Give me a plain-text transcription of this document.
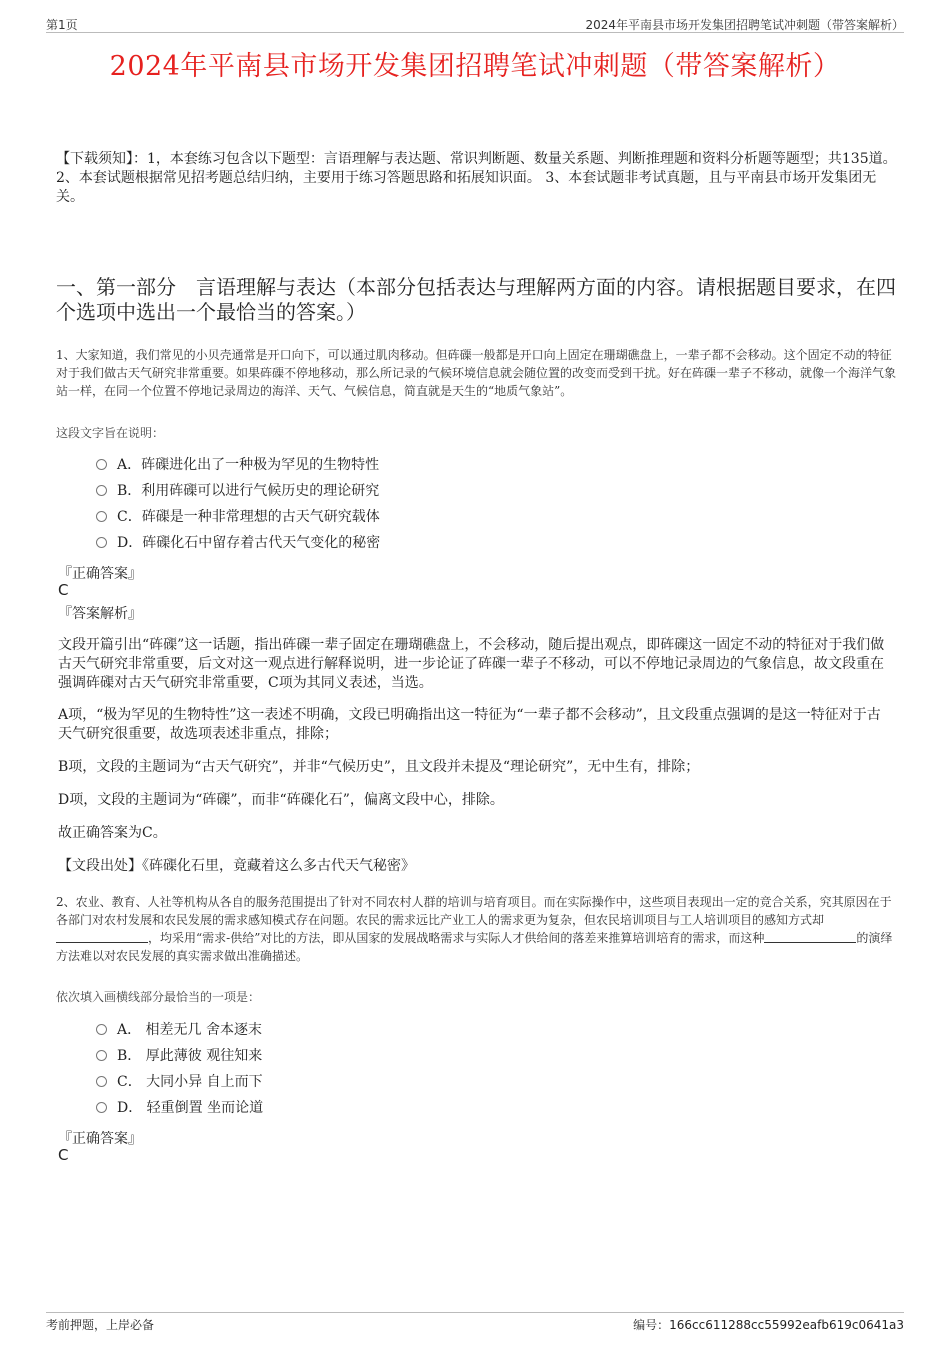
第1页	2024年平南县市场开发集团招聘笔试冲刺题（带答案解析）
2024年平南县市场开发集团招聘笔试冲刺题（带答案解析）

【下载须知】：1，本套练习包含以下题型：言语理解与表达题、常识判断题、数量关系题、判断推理题和资料分析题等题型；共135道。 2、本套试题根据常见招考题总结归纳，主要用于练习答题思路和拓展知识面。 3、本套试题非考试真题，且与平南县市场开发集团无关。

一、第一部分　言语理解与表达（本部分包括表达与理解两方面的内容。请根据题目要求，在四个选项中选出一个最恰当的答案。）

1、大家知道，我们常见的小贝壳通常是开口向下，可以通过肌肉移动。但砗磲一般都是开口向上固定在珊瑚礁盘上，一辈子都不会移动。这个固定不动的特征对于我们做古天气研究非常重要。如果砗磲不停地移动，那么所记录的气候环境信息就会随位置的改变而受到干扰。好在砗磲一辈子不移动，就像一个海洋气象站一样，在同一个位置不停地记录周边的海洋、天气、气候信息，简直就是天生的“地质气象站”。

这段文字旨在说明：

A．砗磲进化出了一种极为罕见的生物特性
B．利用砗磲可以进行气候历史的理论研究
C．砗磲是一种非常理想的古天气研究载体
D．砗磲化石中留存着古代天气变化的秘密

『正确答案』

C

『答案解析』

文段开篇引出“砗磲”这一话题，指出砗磲一辈子固定在珊瑚礁盘上，不会移动，随后提出观点，即砗磲这一固定不动的特征对于我们做古天气研究非常重要，后文对这一观点进行解释说明，进一步论证了砗磲一辈子不移动，可以不停地记录周边的气象信息，故文段重在强调砗磲对古天气研究非常重要，C项为其同义表述，当选。

A项，“极为罕见的生物特性”这一表述不明确，文段已明确指出这一特征为“一辈子都不会移动”，且文段重点强调的是这一特征对于古天气研究很重要，故选项表述非重点，排除；

B项，文段的主题词为“古天气研究”，并非“气候历史”，且文段并未提及“理论研究”，无中生有，排除；

D项，文段的主题词为“砗磲”，而非“砗磲化石”，偏离文段中心，排除。

故正确答案为C。

【文段出处】《砗磲化石里，竟藏着这么多古代天气秘密》

2、农业、教育、人社等机构从各自的服务范围提出了针对不同农村人群的培训与培育项目。而在实际操作中，这些项目表现出一定的竞合关系，究其原因在于各部门对农村发展和农民发展的需求感知模式存在问题。农民的需求远比产业工人的需求更为复杂，但农民培训项目与工人培训项目的感知方式却，均采用“需求-供给”对比的方法，即从国家的发展战略需求与实际人才供给间的落差来推算培训培育的需求，而这种	的演绎方法难以对农民发展的真实需求做出准确描述。

依次填入画横线部分最恰当的一项是：

A． 相差无几 舍本逐末
B． 厚此薄彼 观往知来
C． 大同小异 自上而下
D． 轻重倒置 坐而论道

『正确答案』

C

考前押题，上岸必备	编号：166cc611288cc55992eafb619c0641a3
